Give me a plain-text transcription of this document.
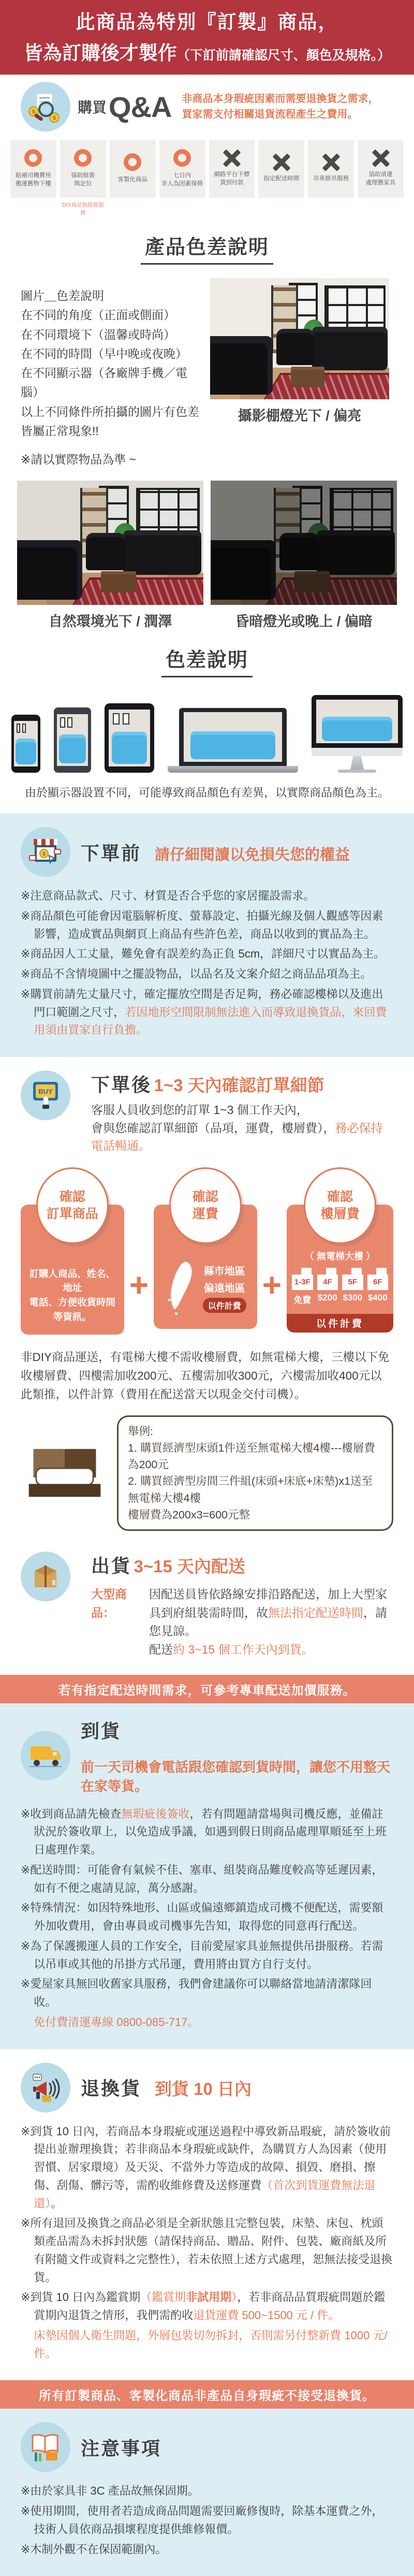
此商品為特別『訂製』商品，
皆為訂購後才製作（下訂前請確認尺寸、顏色及規格。）
$
$
購買 Q&A 非商品本身瑕疵因素而需要退換貨之需求，
買家需支付相關退貨流程產生之費用。
貼補司機費用
搬運舊物下樓
協助組裝
與定位
DIY商品無組裝服務
客製化商品
七日內
非人為因素保修
網路平台下標
貨到付款
指定配送時間 吊車掛吊服務
協助清運
處理舊家具
產品色差說明
圖片＿色差說明
在不同的角度（正面或側面）
在不同環境下（溫馨或時尚）
在不同的時間（早中晚或夜晚）
在不同顯示器（各廠牌手機／電腦）
以上不同條件所拍攝的圖片有色差
皆屬正常現象!!
攝影棚燈光下 / 偏亮
※請以實際物品為準 ~
自然環境光下 / 潤澤	昏暗燈光或晚上 / 偏暗
色差說明
由於顯示器設置不同，可能導致商品顏色有差異，以實際商品顏色為主。
$ 下單前 請仔細閱讀以免損失您的權益

※注意商品款式、尺寸、材質是否合乎您的家居擺設需求。

※商品顏色可能會因電腦解析度、螢幕設定、拍攝光線及個人觀感等因素影響，造成實品與網頁上商品有些許色差，商品以收到的實品為主。

※商品因人工丈量，難免會有誤差約為正負 5cm，詳細尺寸以實品為主。

※商品不含情境圖中之擺設物品，以品名及文案介紹之商品品項為主。

※購買前請先丈量尺寸，確定擺放空間是否足夠，務必確認樓梯以及進出門口範圍之尺寸，若因地形空間限制無法進入而導致退換貨品，來回費用須由買家自行負擔。

BUY 下單後 1~3 天內確認訂單細節

客服人員收到您的訂單 1~3 個工作天內，

會與您確認訂單細節（品項，運費，樓層費），務必保持電話暢通。

確認
訂單商品
訂購人商品、姓名、地址
電話、方便收貨時間
等資訊。
+
確認
運費
縣市地區
偏遠地區
以件計費
+
確認
樓層費
（ 無電梯大樓 ）
1-3F
免費
4F
$200
5F
$300
6F
$400
以件計費

非DIY商品運送，有電梯大樓不需收樓層費，如無電梯大樓，三樓以下免收樓層費、四樓需加收200元、五樓需加收300元，六樓需加收400元以此類推，以件計算（費用在配送當天以現金交付司機）。

舉例:
1. 購買經濟型床頭1件送至無電梯大樓4樓---樓層費為200元
2. 購買經濟型房間三件組(床頭+床底+床墊)x1送至無電梯大樓4樓
樓層費為200x3=600元整
出貨 3~15 天內配送
大型商品：

因配送員皆依路線安排沿路配送，加上大型家具到府組裝需時間，故無法指定配送時間，請您見諒。

配送約 3~15 個工作天內到貨。

若有指定配送時間需求，可參考專車配送加價服務。
到貨
前一天司機會電話跟您確認到貨時間，讓您不用整天在家等貨。

※收到商品請先檢查無瑕疵後簽收，若有問題請當場與司機反應，並備註狀況於簽收單上，以免造成爭議，如遇到假日則商品處理單順延至上班日處理作業。

※配送時間：可能會有氣候不佳、塞車、組裝商品難度較高等延遲因素，如有不便之處請見諒，萬分感謝。

※特殊情況：如因特殊地形、山區或偏遠鄉鎮造成司機不便配送，需要額外加收費用，會由專員或司機事先告知，取得您的同意再行配送。

※為了保護搬運人員的工作安全，目前愛屋家具並無提供吊掛服務。若需以吊車或其他的吊掛方式吊運，費用將由買方自行支付。

※愛屋家具無回收舊家具服務，我們會建議你可以聯絡當地請清潔隊回收。

免付費清運專線 0800-085-717。

退換貨 到貨 10 日內

※到貨 10 日內，若商品本身瑕疵或運送過程中導致新品瑕疵，請於簽收前提出並辦理換貨；若非商品本身瑕疵或缺件，為購買方人為因素（使用習慣、居家環境）及天災、不當外力等造成的故障、損毀、磨損、擦傷、刮傷、髒污等，需酌收維修費及送修運費（首次到貨運費無法退還）。

※所有退回及換貨之商品必須是全新狀態且完整包裝，床墊、床包、枕頭類產品需為未拆封狀態（請保持商品、贈品、附件、包裝、廠商紙及所有附隨文件或資料之完整性），若未依照上述方式處理，恕無法接受退換貨。

※到貨 10 日內為鑑賞期（鑑賞期非試用期），若非商品品質瑕疵問題於鑑賞期內退貨之情形，我們需酌收退貨運費 500~1500 元 / 件。

床墊因個人衛生問題，外層包裝切勿拆封，否則需另付整新費 1000 元/件。

所有訂製商品、客製化商品非產品自身瑕疵不接受退換貨。
注意事項

※由於家具非 3C 產品故無保固期。

※使用期間，使用者若造成商品問題需要回廠修復時，除基本運費之外，技術人員依商品損壞程度提供維修報價。

※木制外觀不在保固範圍內。
